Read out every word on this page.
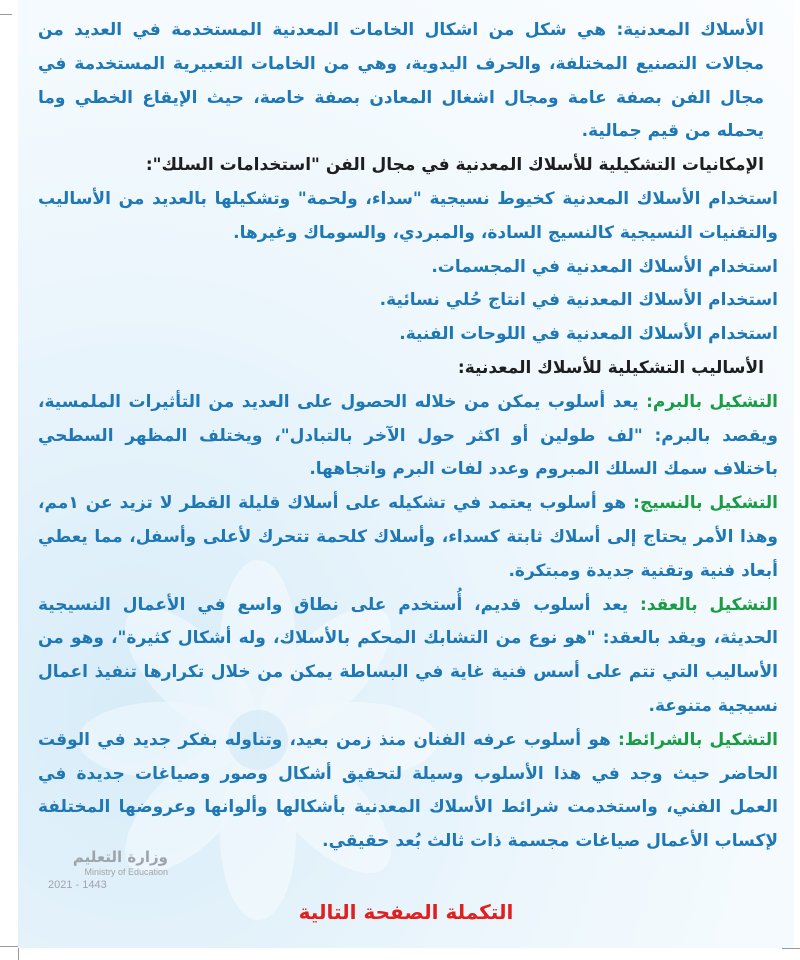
الأسلاك المعدنية: هي شكل من اشكال الخامات المعدنية المستخدمة في العديد من مجالات التصنيع المختلفة، والحرف اليدوية، وهي من الخامات التعبيرية المستخدمة في مجال الفن بصفة عامة ومجال اشغال المعادن بصفة خاصة، حيث الإيقاع الخطي وما يحمله من قيم جمالية.

الإمكانيات التشكيلية للأسلاك المعدنية في مجال الفن "استخدامات السلك":

استخدام الأسلاك المعدنية كخيوط نسيجية "سداء، ولحمة" وتشكيلها بالعديد من الأساليب والتقنيات النسيجية كالنسيج السادة، والمبردي، والسوماك وغيرها.

استخدام الأسلاك المعدنية في المجسمات.

استخدام الأسلاك المعدنية في انتاج حُلي نسائية.

استخدام الأسلاك المعدنية في اللوحات الفنية.

الأساليب التشكيلية للأسلاك المعدنية:

التشكيل بالبرم: يعد أسلوب يمكن من خلاله الحصول على العديد من التأثيرات الملمسية، ويقصد بالبرم: "لف طولين أو اكثر حول الآخر بالتبادل"، ويختلف المظهر السطحي باختلاف سمك السلك المبروم وعدد لفات البرم واتجاهها.

التشكيل بالنسيج: هو أسلوب يعتمد في تشكيله على أسلاك قليلة القطر لا تزيد عن ١مم، وهذا الأمر يحتاج إلى أسلاك ثابتة كسداء، وأسلاك كلحمة تتحرك لأعلى وأسفل، مما يعطي أبعاد فنية وتقنية جديدة ومبتكرة.

التشكيل بالعقد: يعد أسلوب قديم، أُستخدم على نطاق واسع في الأعمال النسيجية الحديثة، ويقد بالعقد: "هو نوع من التشابك المحكم بالأسلاك، وله أشكال كثيرة"، وهو من الأساليب التي تتم على أسس فنية غاية في البساطة يمكن من خلال تكرارها تنفيذ اعمال نسيجية متنوعة.

التشكيل بالشرائط: هو أسلوب عرفه الفنان منذ زمن بعيد، وتناوله بفكر جديد في الوقت الحاضر حيث وجد في هذا الأسلوب وسيلة لتحقيق أشكال وصور وصياغات جديدة في العمل الفني، واستخدمت شرائط الأسلاك المعدنية بأشكالها وألوانها وعروضها المختلفة لإكساب الأعمال صياغات مجسمة ذات ثالث بُعد حقيقي.

وزارة التعليم
Ministry of Education
2021 - 1443
التكملة الصفحة التالية
